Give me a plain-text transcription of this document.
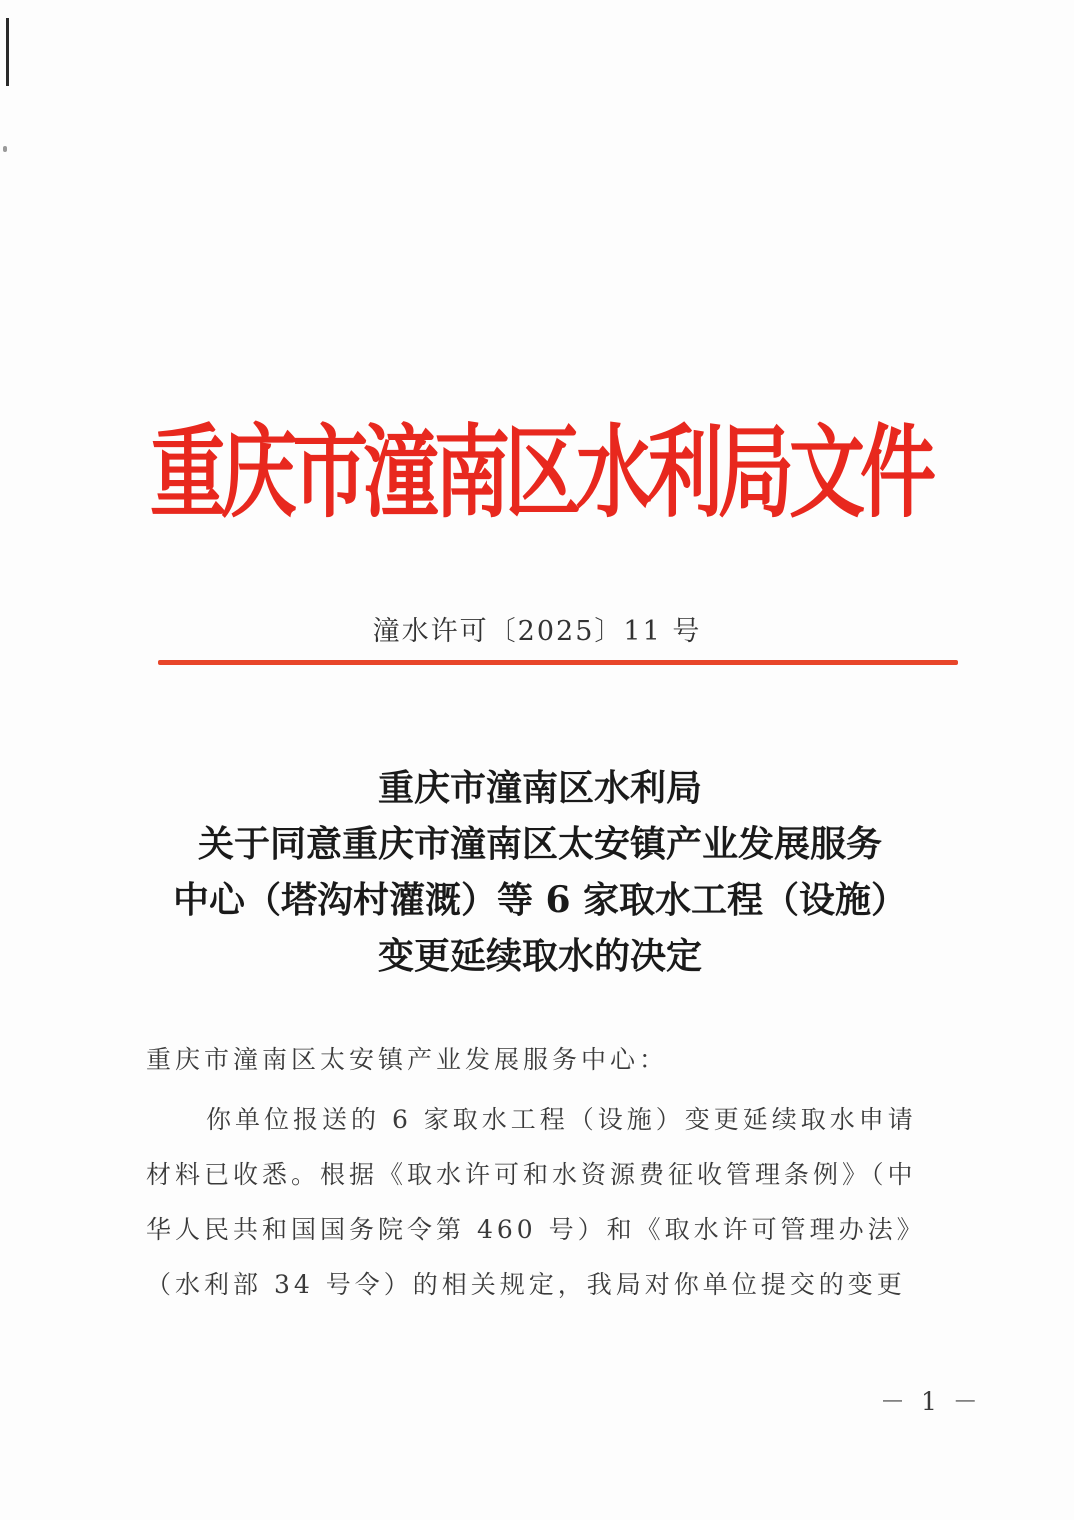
重庆市潼南区水利局文件
潼水许可〔2025〕11 号
重庆市潼南区水利局
关于同意重庆市潼南区太安镇产业发展服务
中心（塔沟村灌溉）等 6 家取水工程（设施）
变更延续取水的决定
重庆市潼南区太安镇产业发展服务中心：
你单位报送的 6 家取水工程（设施）变更延续取水申请
材料已收悉。根据《取水许可和水资源费征收管理条例》（中
华人民共和国国务院令第 460 号）和《取水许可管理办法》
（水利部 34 号令）的相关规定，我局对你单位提交的变更
－ 1 －
